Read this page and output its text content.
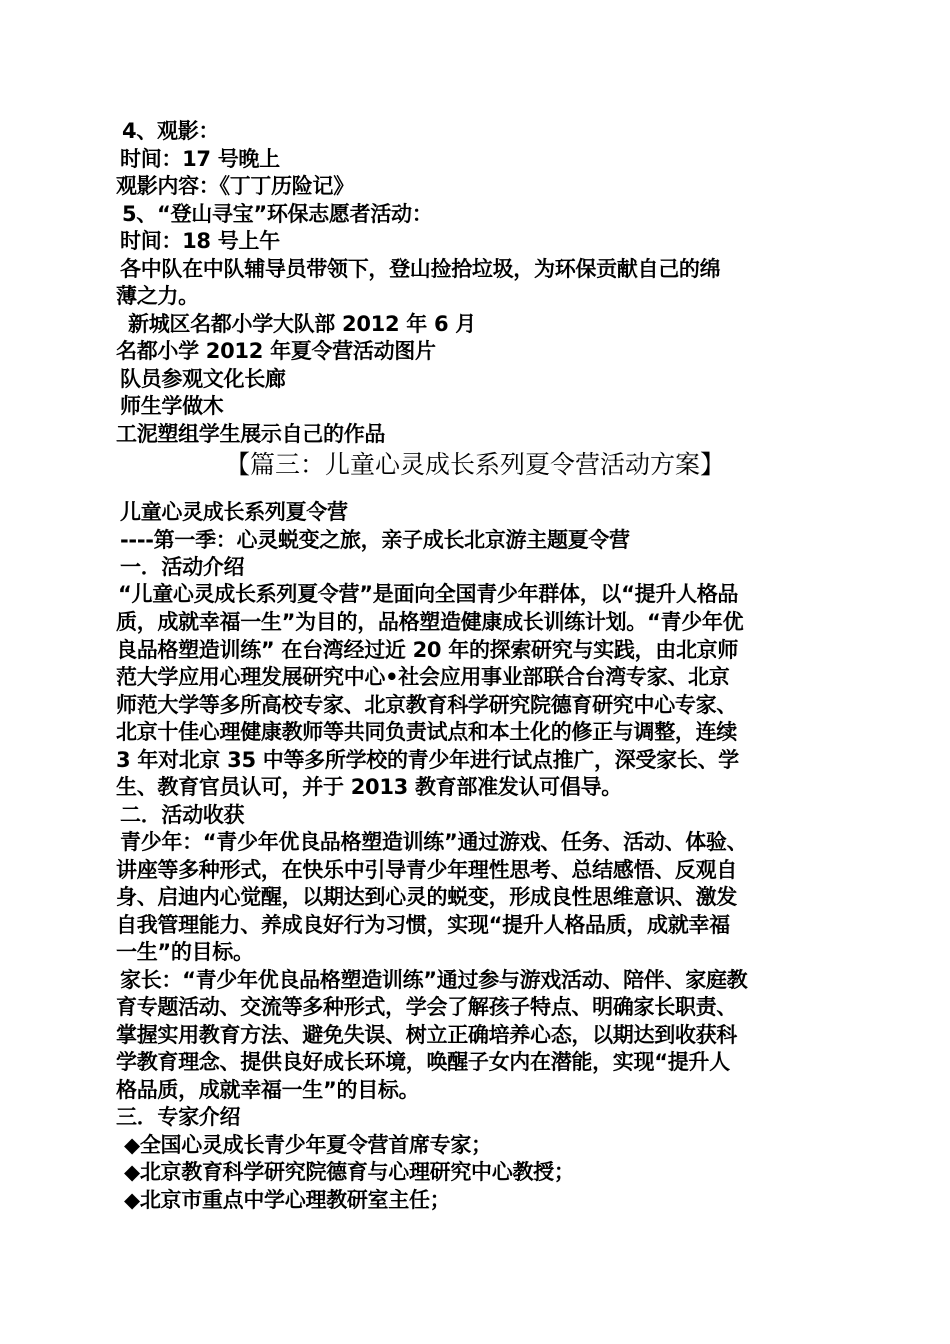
4、观影：
时间：17 号晚上
观影内容：《丁丁历险记》
5、“登山寻宝”环保志愿者活动：
时间：18 号上午
各中队在中队辅导员带领下，登山捡拾垃圾，为环保贡献自己的绵
薄之力。
新城区名都小学大队部 2012 年 6 月
名都小学 2012 年夏令营活动图片
队员参观文化长廊
师生学做木
工泥塑组学生展示自己的作品
【篇三：儿童心灵成长系列夏令营活动方案】
儿童心灵成长系列夏令营
----第一季：心灵蜕变之旅，亲子成长北京游主题夏令营
一．活动介绍
“儿童心灵成长系列夏令营”是面向全国青少年群体，以“提升人格品
质，成就幸福一生”为目的，品格塑造健康成长训练计划。“青少年优
良品格塑造训练” 在台湾经过近 20 年的探索研究与实践，由北京师
范大学应用心理发展研究中心•社会应用事业部联合台湾专家、北京
师范大学等多所高校专家、北京教育科学研究院德育研究中心专家、
北京十佳心理健康教师等共同负责试点和本土化的修正与调整，连续
3 年对北京 35 中等多所学校的青少年进行试点推广，深受家长、学
生、教育官员认可，并于 2013 教育部准发认可倡导。
二．活动收获
青少年：“青少年优良品格塑造训练”通过游戏、任务、活动、体验、
讲座等多种形式，在快乐中引导青少年理性思考、总结感悟、反观自
身、启迪内心觉醒，以期达到心灵的蜕变，形成良性思维意识、激发
自我管理能力、养成良好行为习惯，实现“提升人格品质，成就幸福
一生”的目标。
家长：“青少年优良品格塑造训练”通过参与游戏活动、陪伴、家庭教
育专题活动、交流等多种形式，学会了解孩子特点、明确家长职责、
掌握实用教育方法、避免失误、树立正确培养心态，以期达到收获科
学教育理念、提供良好成长环境，唤醒子女内在潜能，实现“提升人
格品质，成就幸福一生”的目标。
三．专家介绍
◆全国心灵成长青少年夏令营首席专家；
◆北京教育科学研究院德育与心理研究中心教授；
◆北京市重点中学心理教研室主任；
